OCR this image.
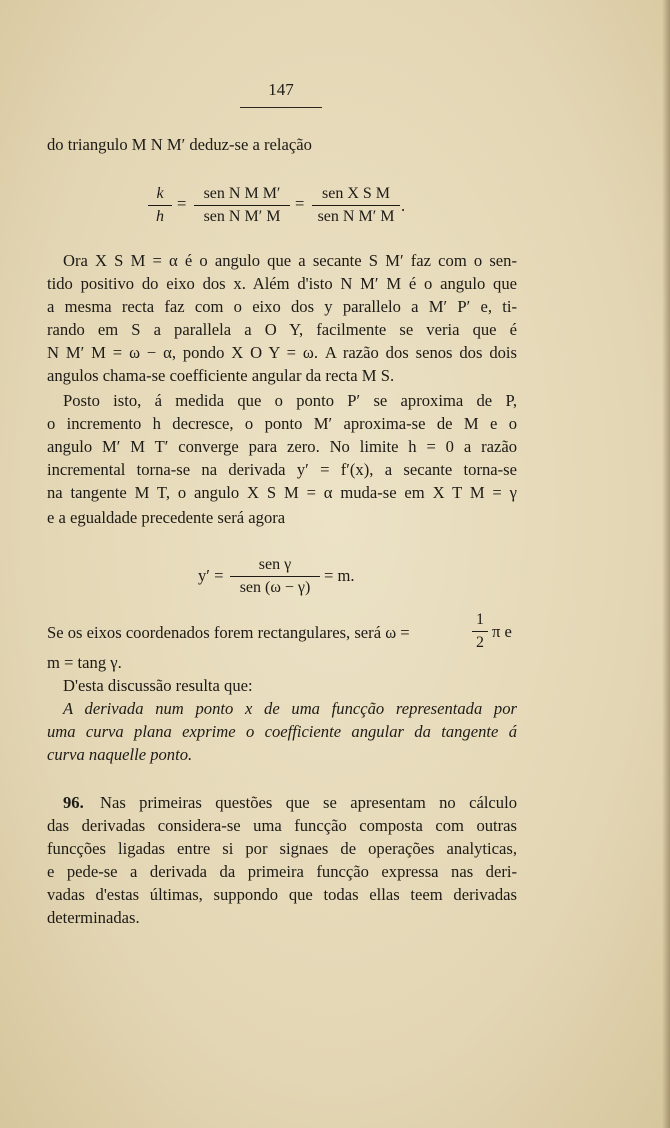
147
do triangulo M N M′ deduz-se a relação
k
h
=
sen N M M′
sen N M′ M
=
sen X S M
sen N M′ M
.
Ora X S M = α é o angulo que a secante S M′ faz com o sen-
tido positivo do eixo dos x. Além d'isto N M′ M é o angulo que
a mesma recta faz com o eixo dos y parallelo a M′ P′ e, ti-
rando em S a parallela a O Y, facilmente se veria que é
N M′ M = ω − α, pondo X O Y = ω. A razão dos senos dos dois
angulos chama-se coefficiente angular da recta M S.
Posto isto, á medida que o ponto P′ se aproxima de P,
o incremento h decresce, o ponto M′ aproxima-se de M e o
angulo M′ M T′ converge para zero. No limite h = 0 a razão
incremental torna-se na derivada y′ = f′(x), a secante torna-se
na tangente M T, o angulo X S M = α muda-se em X T M = γ
e a egualdade precedente será agora
y′ =
sen γ
sen (ω − γ)
= m.
Se os eixos coordenados forem rectangulares, será ω =
1
2
π e
m = tang γ.
D'esta discussão resulta que:
A derivada num ponto x de uma funcção representada por
uma curva plana exprime o coefficiente angular da tangente á
curva naquelle ponto.
96. Nas primeiras questões que se apresentam no cálculo
das derivadas considera-se uma funcção composta com outras
funcções ligadas entre si por signaes de operações analyticas,
e pede-se a derivada da primeira funcção expressa nas deri-
vadas d'estas últimas, suppondo que todas ellas teem derivadas
determinadas.
